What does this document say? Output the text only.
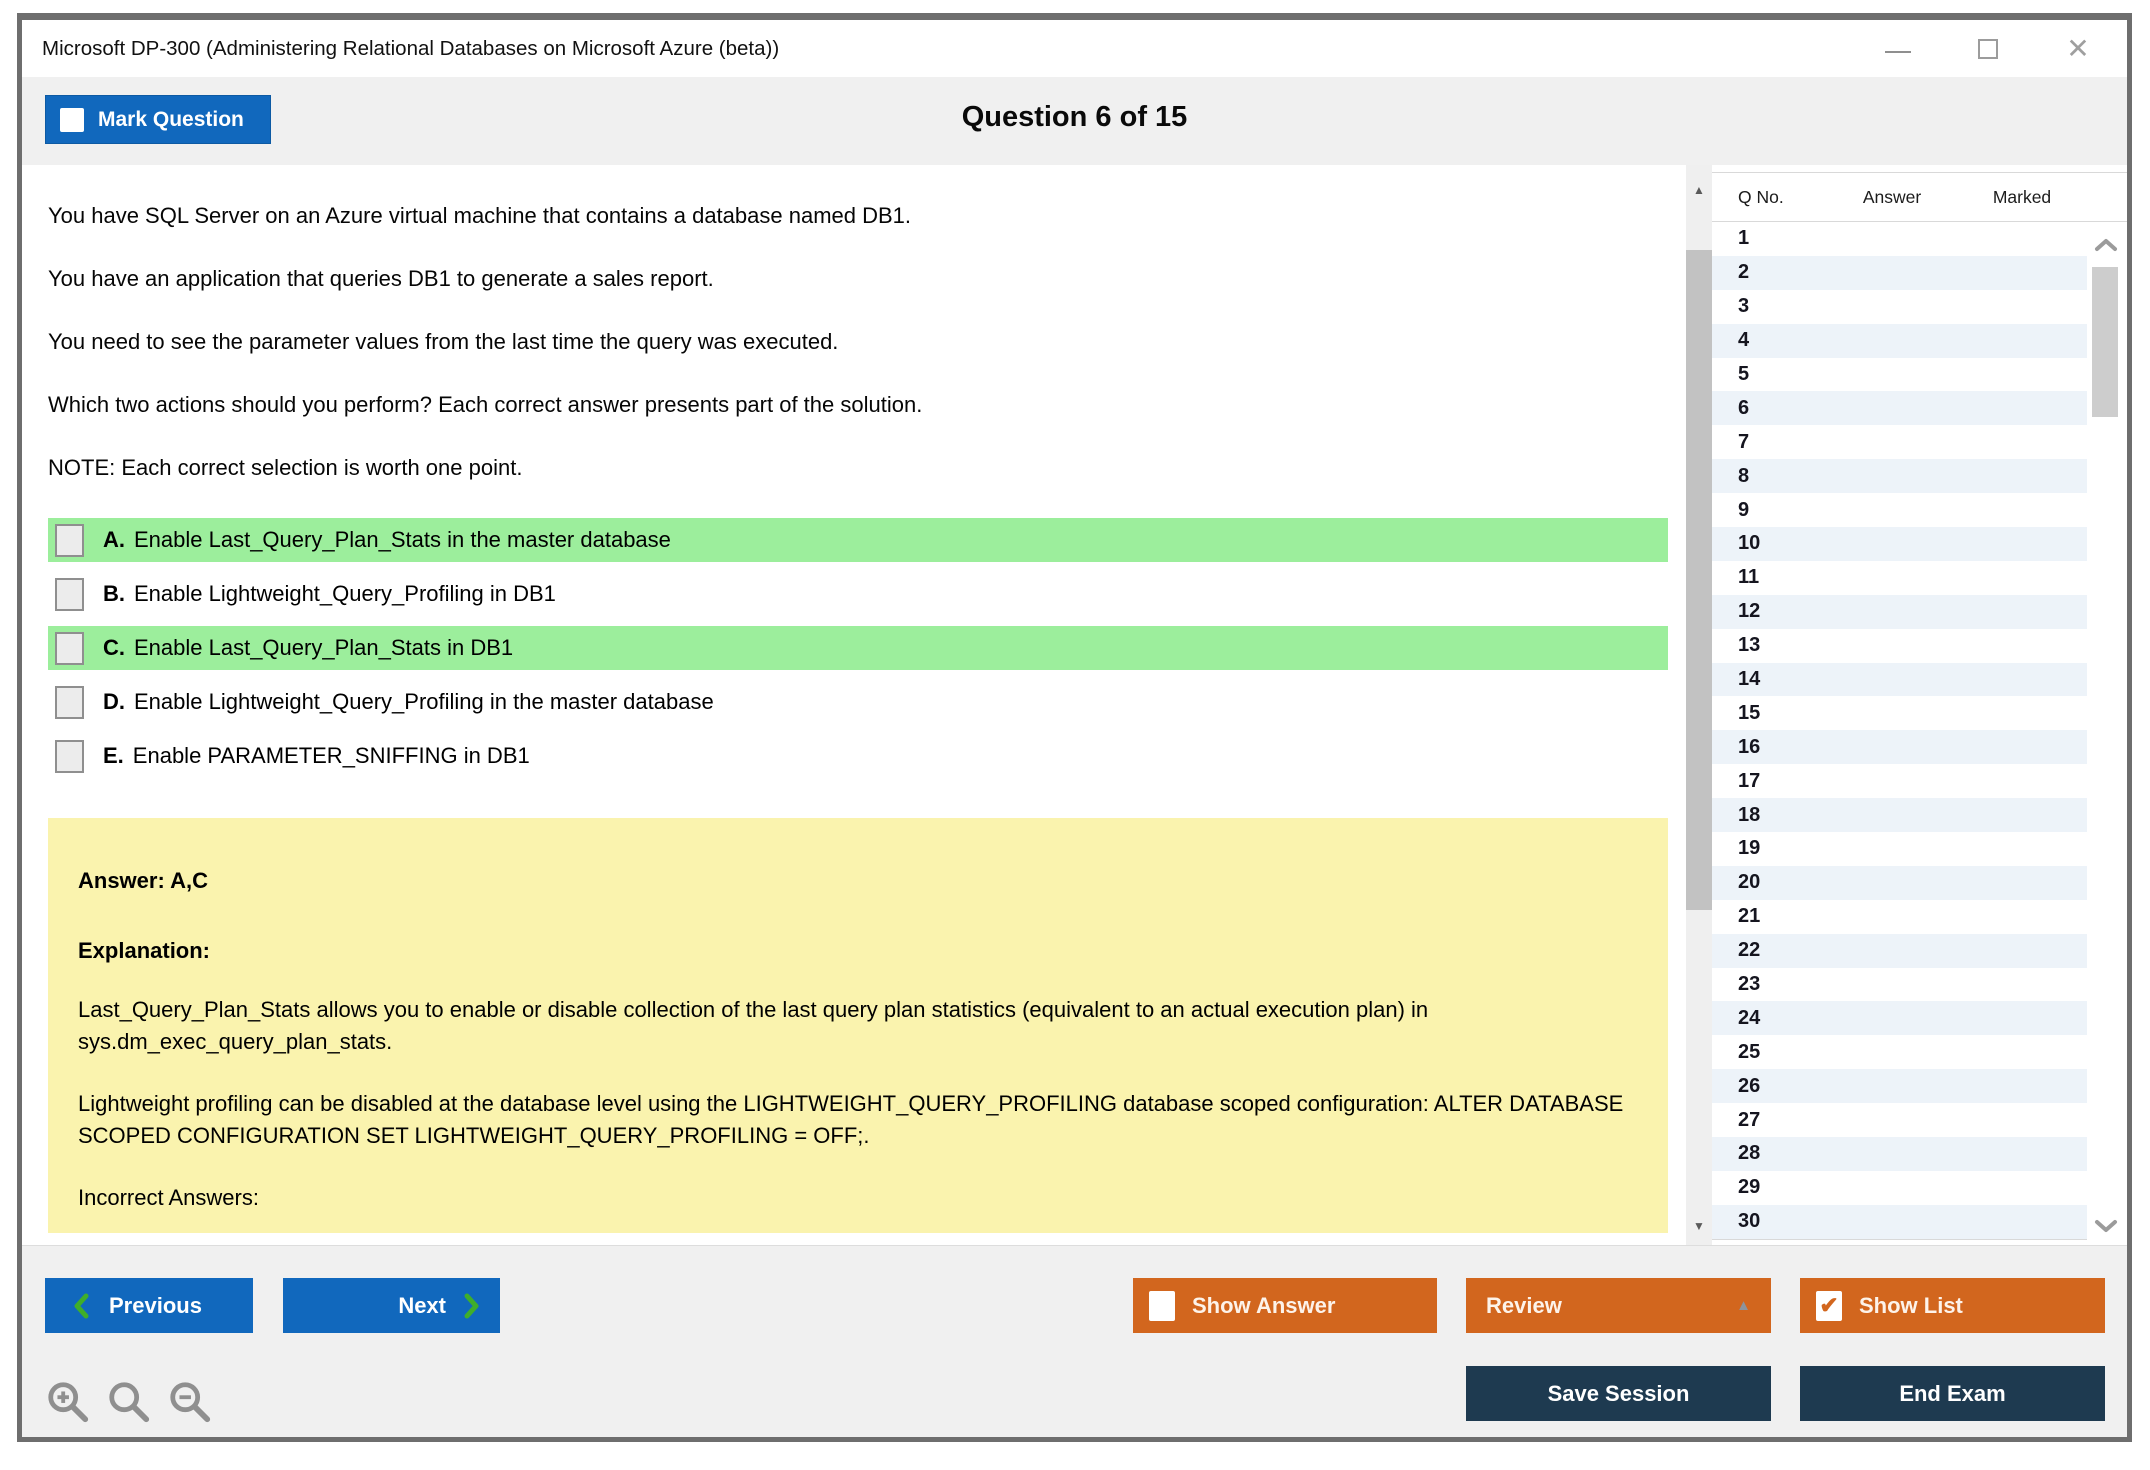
Microsoft DP-300 (Administering Relational Databases on Microsoft Azure (beta))	✕
Mark Question	Question 6 of 15

You have SQL Server on an Azure virtual machine that contains a database named DB1.

You have an application that queries DB1 to generate a sales report.

You need to see the parameter values from the last time the query was executed.

Which two actions should you perform? Each correct answer presents part of the solution.

NOTE: Each correct selection is worth one point.

A. Enable Last_Query_Plan_Stats in the master database
B. Enable Lightweight_Query_Profiling in DB1
C. Enable Last_Query_Plan_Stats in DB1
D. Enable Lightweight_Query_Profiling in the master database
E. Enable PARAMETER_SNIFFING in DB1
Answer: A,C
Explanation:

Last_Query_Plan_Stats allows you to enable or disable collection of the last query plan statistics (equivalent to an actual execution plan) in sys.dm_exec_query_plan_stats.

Lightweight profiling can be disabled at the database level using the LIGHTWEIGHT_QUERY_PROFILING database scoped configuration: ALTER DATABASE SCOPED CONFIGURATION SET LIGHTWEIGHT_QUERY_PROFILING = OFF;.

Incorrect Answers:

▲
▼
Q No.	Answer	Marked
1
2
3
4
5
6
7
8
9
10
11
12
13
14
15
16
17
18
19
20
21
22
23
24
25
26
27
28
29
30
Previous	Next	Show Answer	Review	▲	✔ Show List
Save Session	End Exam
